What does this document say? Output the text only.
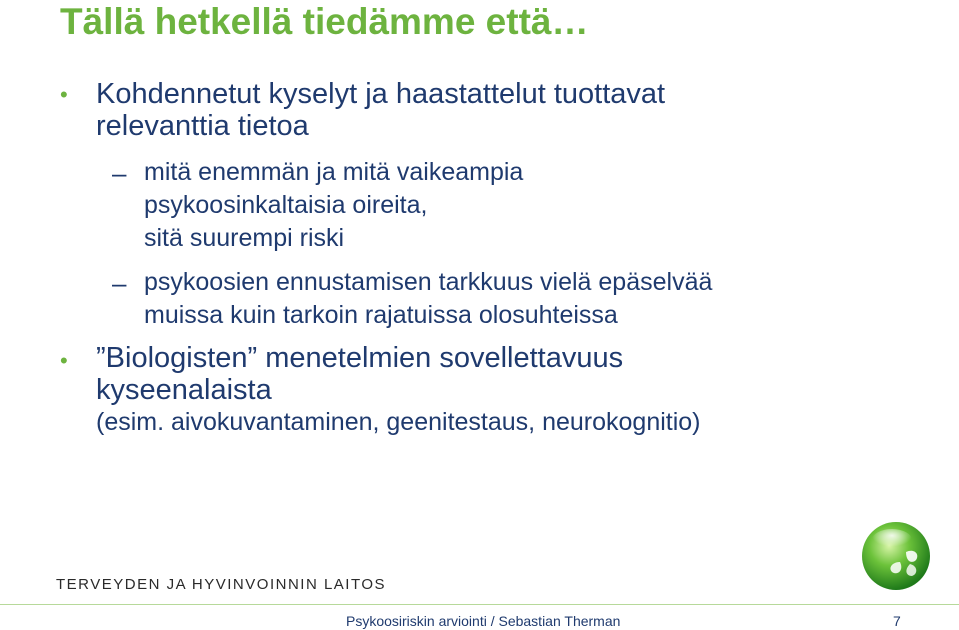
Tällä hetkellä tiedämme että…
• Kohdennetut kyselyt ja haastattelut tuottavat
relevanttia tietoa
– mitä enemmän ja mitä vaikeampia
psykoosinkaltaisia oireita,
sitä suurempi riski
– psykoosien ennustamisen tarkkuus vielä epäselvää
muissa kuin tarkoin rajatuissa olosuhteissa
• ”Biologisten” menetelmien sovellettavuus
kyseenalaista
(esim. aivokuvantaminen, geenitestaus, neurokognitio)
TERVEYDEN JA HYVINVOINNIN LAITOS
Psykoosiriskin arviointi / Sebastian Therman	7
